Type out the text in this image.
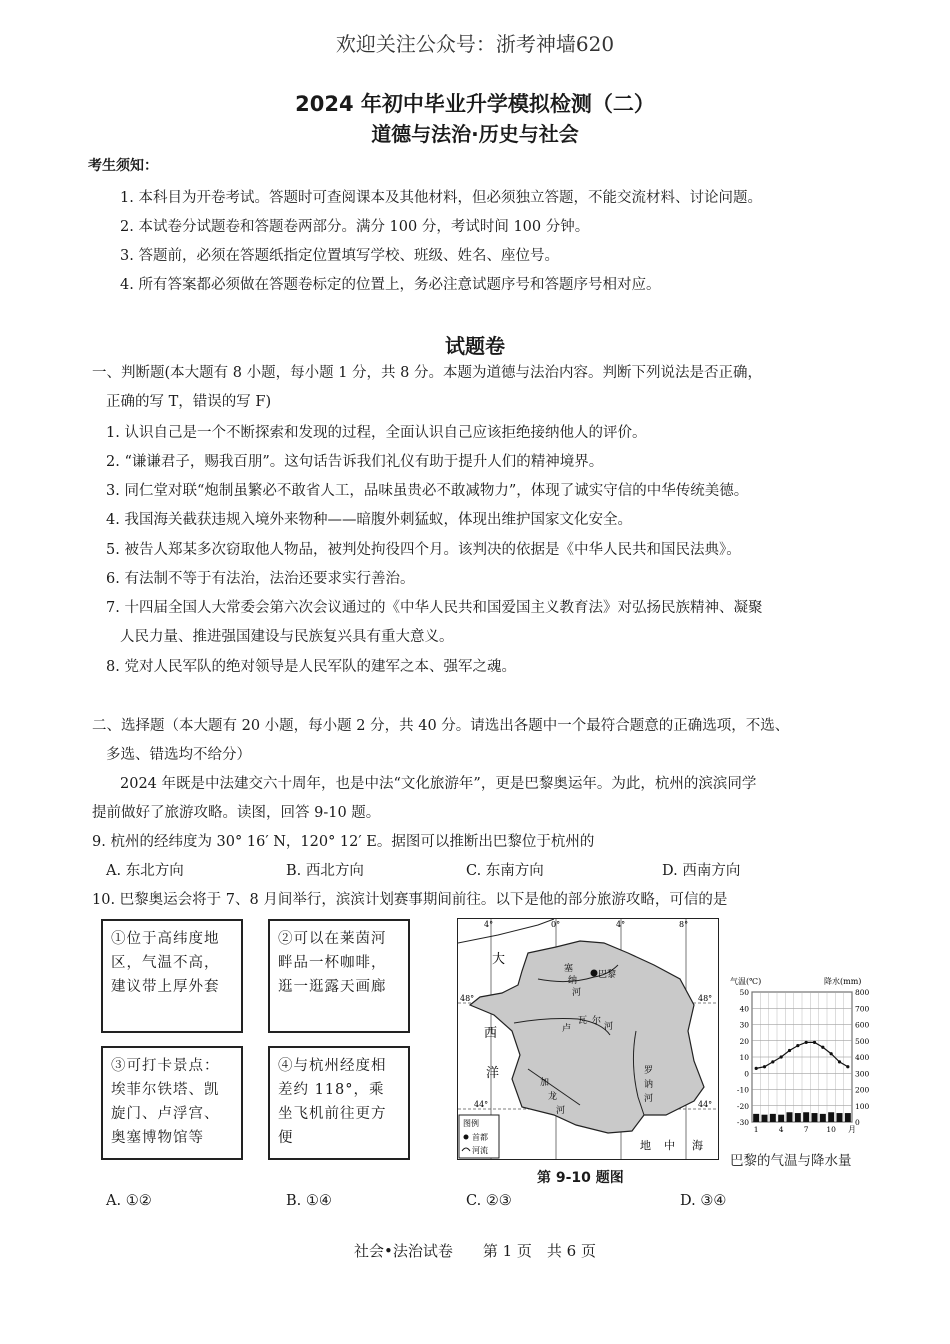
欢迎关注公众号：浙考神墙620
2024 年初中毕业升学模拟检测（二）
道德与法治·历史与社会
考生须知：
1. 本科目为开卷考试。答题时可查阅课本及其他材料，但必须独立答题，不能交流材料、讨论问题。
2. 本试卷分试题卷和答题卷两部分。满分 100 分，考试时间 100 分钟。
3. 答题前，必须在答题纸指定位置填写学校、班级、姓名、座位号。
4. 所有答案都必须做在答题卷标定的位置上，务必注意试题序号和答题序号相对应。
试题卷
一、判断题(本大题有 8 小题，每小题 1 分，共 8 分。本题为道德与法治内容。判断下列说法是否正确，
正确的写 T，错误的写 F)
1. 认识自己是一个不断探索和发现的过程，全面认识自己应该拒绝接纳他人的评价。
2. “谦谦君子，赐我百朋”。这句话告诉我们礼仪有助于提升人们的精神境界。
3. 同仁堂对联“炮制虽繁必不敢省人工，品味虽贵必不敢减物力”，体现了诚实守信的中华传统美德。
4. 我国海关截获违规入境外来物种——暗腹外刺猛蚁，体现出维护国家文化安全。
5. 被告人郑某多次窃取他人物品，被判处拘役四个月。该判决的依据是《中华人民共和国民法典》。
6. 有法制不等于有法治，法治还要求实行善治。
7. 十四届全国人大常委会第六次会议通过的《中华人民共和国爱国主义教育法》对弘扬民族精神、凝聚
人民力量、推进强国建设与民族复兴具有重大意义。
8. 党对人民军队的绝对领导是人民军队的建军之本、强军之魂。
二、选择题（本大题有 20 小题，每小题 2 分，共 40 分。请选出各题中一个最符合题意的正确选项，不选、
多选、错选均不给分）
2024 年既是中法建交六十周年，也是中法“文化旅游年”，更是巴黎奥运年。为此，杭州的滨滨同学
提前做好了旅游攻略。读图，回答 9-10 题。
9. 杭州的经纬度为 30° 16′ N，120° 12′ E。据图可以推断出巴黎位于杭州的
A. 东北方向	B. 西北方向	C. 东南方向	D. 西南方向
10. 巴黎奥运会将于 7、8 月间举行，滨滨计划赛事期间前往。以下是他的部分旅游攻略，可信的是
①位于高纬度地区，气温不高，建议带上厚外套
②可以在莱茵河畔品一杯咖啡，逛一逛露天画廊
③可打卡景点：埃菲尔铁塔、凯旋门、卢浮宫、奥塞博物馆等
④与杭州经度相差约 118°，乘坐飞机前往更方便
4°	0°	4°	8°
48°	48°
44°	44°
大
西
洋
巴黎
塞
纳
河
卢
瓦 尔
河
罗
讷
河
加
龙
河
地 中 海
图例
首都
河流
第 9-10 题图
气温(℃)	降水(mm)
50	800
40	700
30	600
20	500
10	400
0	300
-10	200
-20	100
-30	0
1	4	7 10 月
巴黎的气温与降水量
A. ①②	B. ①④	C. ②③	D. ③④
社会•法治试卷　　第 1 页　共 6 页
